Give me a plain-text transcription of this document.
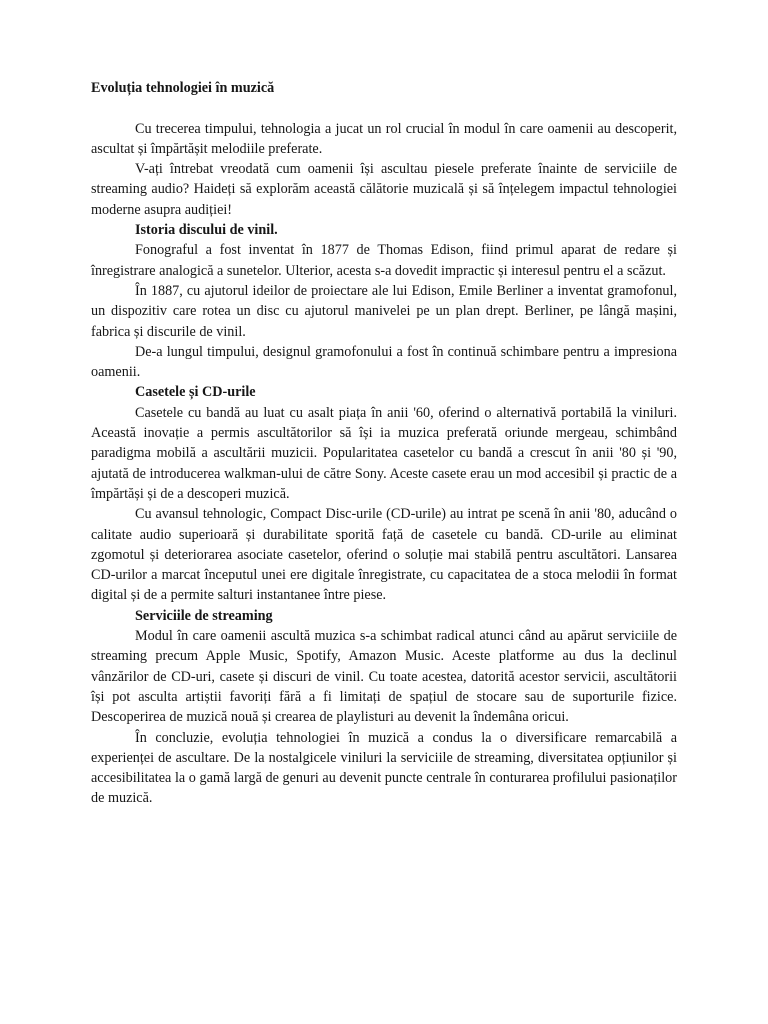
Evoluția tehnologiei în muzică

Cu trecerea timpului, tehnologia a jucat un rol crucial în modul în care oamenii au descoperit, ascultat și împărtășit melodiile preferate.

V-ați întrebat vreodată cum oamenii își ascultau piesele preferate înainte de serviciile de streaming audio? Haideți să explorăm această călătorie muzicală și să înțelegem impactul tehnologiei moderne asupra audiției!

Istoria discului de vinil.

Fonograful a fost inventat în 1877 de Thomas Edison, fiind primul aparat de redare și înregistrare analogică a sunetelor. Ulterior, acesta s-a dovedit impractic și interesul pentru el a scăzut.

În 1887, cu ajutorul ideilor de proiectare ale lui Edison, Emile Berliner a inventat gramofonul, un dispozitiv care rotea un disc cu ajutorul manivelei pe un plan drept. Berliner, pe lângă mașini, fabrica și discurile de vinil.

De-a lungul timpului, designul gramofonului a fost în continuă schimbare pentru a impresiona oamenii.

Casetele și CD-urile

Casetele cu bandă au luat cu asalt piața în anii '60, oferind o alternativă portabilă la viniluri. Această inovație a permis ascultătorilor să își ia muzica preferată oriunde mergeau, schimbând paradigma mobilă a ascultării muzicii. Popularitatea casetelor cu bandă a crescut în anii '80 și '90, ajutată de introducerea walkman-ului de către Sony. Aceste casete erau un mod accesibil și practic de a împărtăși și de a descoperi muzică.

Cu avansul tehnologic, Compact Disc-urile (CD-urile) au intrat pe scenă în anii '80, aducând o calitate audio superioară și durabilitate sporită față de casetele cu bandă. CD-urile au eliminat zgomotul și deteriorarea asociate casetelor, oferind o soluție mai stabilă pentru ascultători. Lansarea CD-urilor a marcat începutul unei ere digitale înregistrate, cu capacitatea de a stoca melodii în format digital și de a permite salturi instantanee între piese.

Serviciile de streaming

Modul în care oamenii ascultă muzica s-a schimbat radical atunci când au apărut serviciile de streaming precum Apple Music, Spotify, Amazon Music. Aceste platforme au dus la declinul vânzărilor de CD-uri, casete și discuri de vinil. Cu toate acestea, datorită acestor servicii, ascultătorii își pot asculta artiștii favoriți fără a fi limitați de spațiul de stocare sau de suporturile fizice. Descoperirea de muzică nouă și crearea de playlisturi au devenit la îndemâna oricui.

În concluzie, evoluția tehnologiei în muzică a condus la o diversificare remarcabilă a experienței de ascultare. De la nostalgicele viniluri la serviciile de streaming, diversitatea opțiunilor și accesibilitatea la o gamă largă de genuri au devenit puncte centrale în conturarea profilului pasionaților de muzică.
